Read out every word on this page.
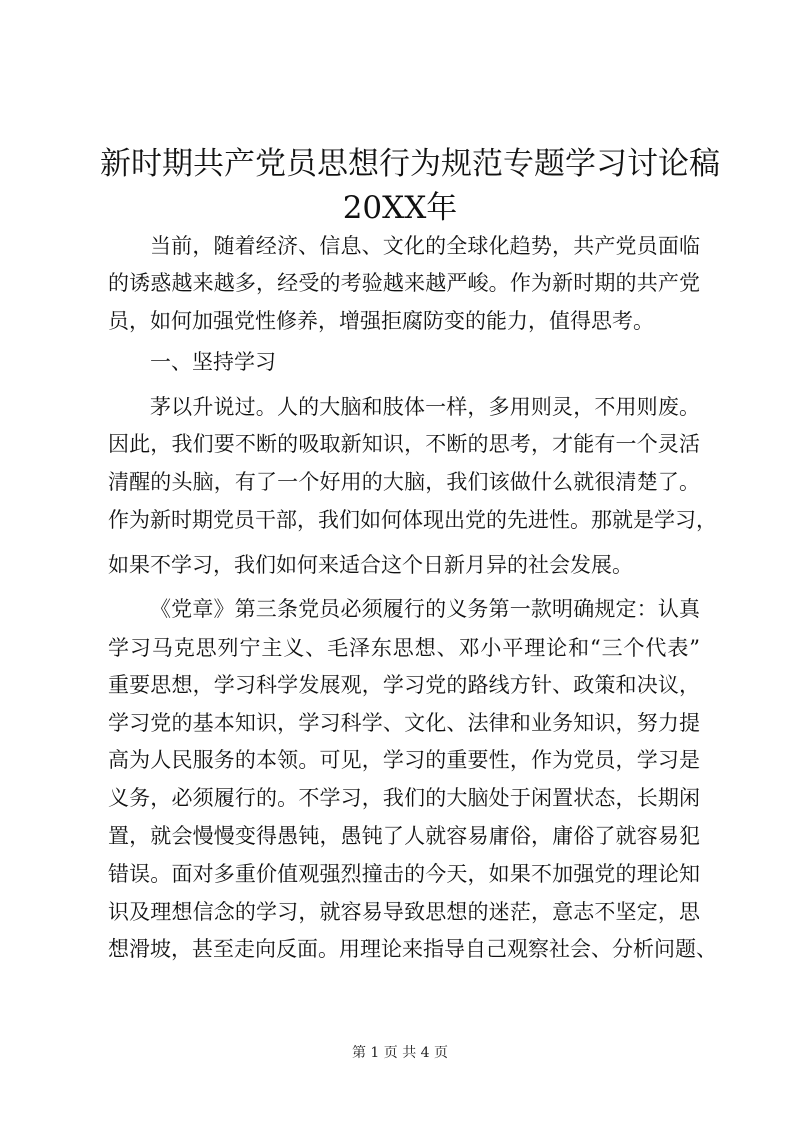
新时期共产党员思想行为规范专题学习讨论稿
20XX年

当前，随着经济、信息、文化的全球化趋势，共产党员面临

的诱惑越来越多，经受的考验越来越严峻。作为新时期的共产党

员，如何加强党性修养，增强拒腐防变的能力，值得思考。

一、坚持学习

茅以升说过。人的大脑和肢体一样，多用则灵，不用则废。

因此，我们要不断的吸取新知识，不断的思考，才能有一个灵活

清醒的头脑，有了一个好用的大脑，我们该做什么就很清楚了。

作为新时期党员干部，我们如何体现出党的先进性。那就是学习，

如果不学习，我们如何来适合这个日新月异的社会发展。

《党章》第三条党员必须履行的义务第一款明确规定：认真

学习马克思列宁主义、毛泽东思想、邓小平理论和“三个代表”

重要思想，学习科学发展观，学习党的路线方针、政策和决议，

学习党的基本知识，学习科学、文化、法律和业务知识，努力提

高为人民服务的本领。可见，学习的重要性，作为党员，学习是

义务，必须履行的。不学习，我们的大脑处于闲置状态，长期闲

置，就会慢慢变得愚钝，愚钝了人就容易庸俗，庸俗了就容易犯

错误。面对多重价值观强烈撞击的今天，如果不加强党的理论知

识及理想信念的学习，就容易导致思想的迷茫，意志不坚定，思

想滑坡，甚至走向反面。用理论来指导自己观察社会、分析问题、

第 1 页 共 4 页
